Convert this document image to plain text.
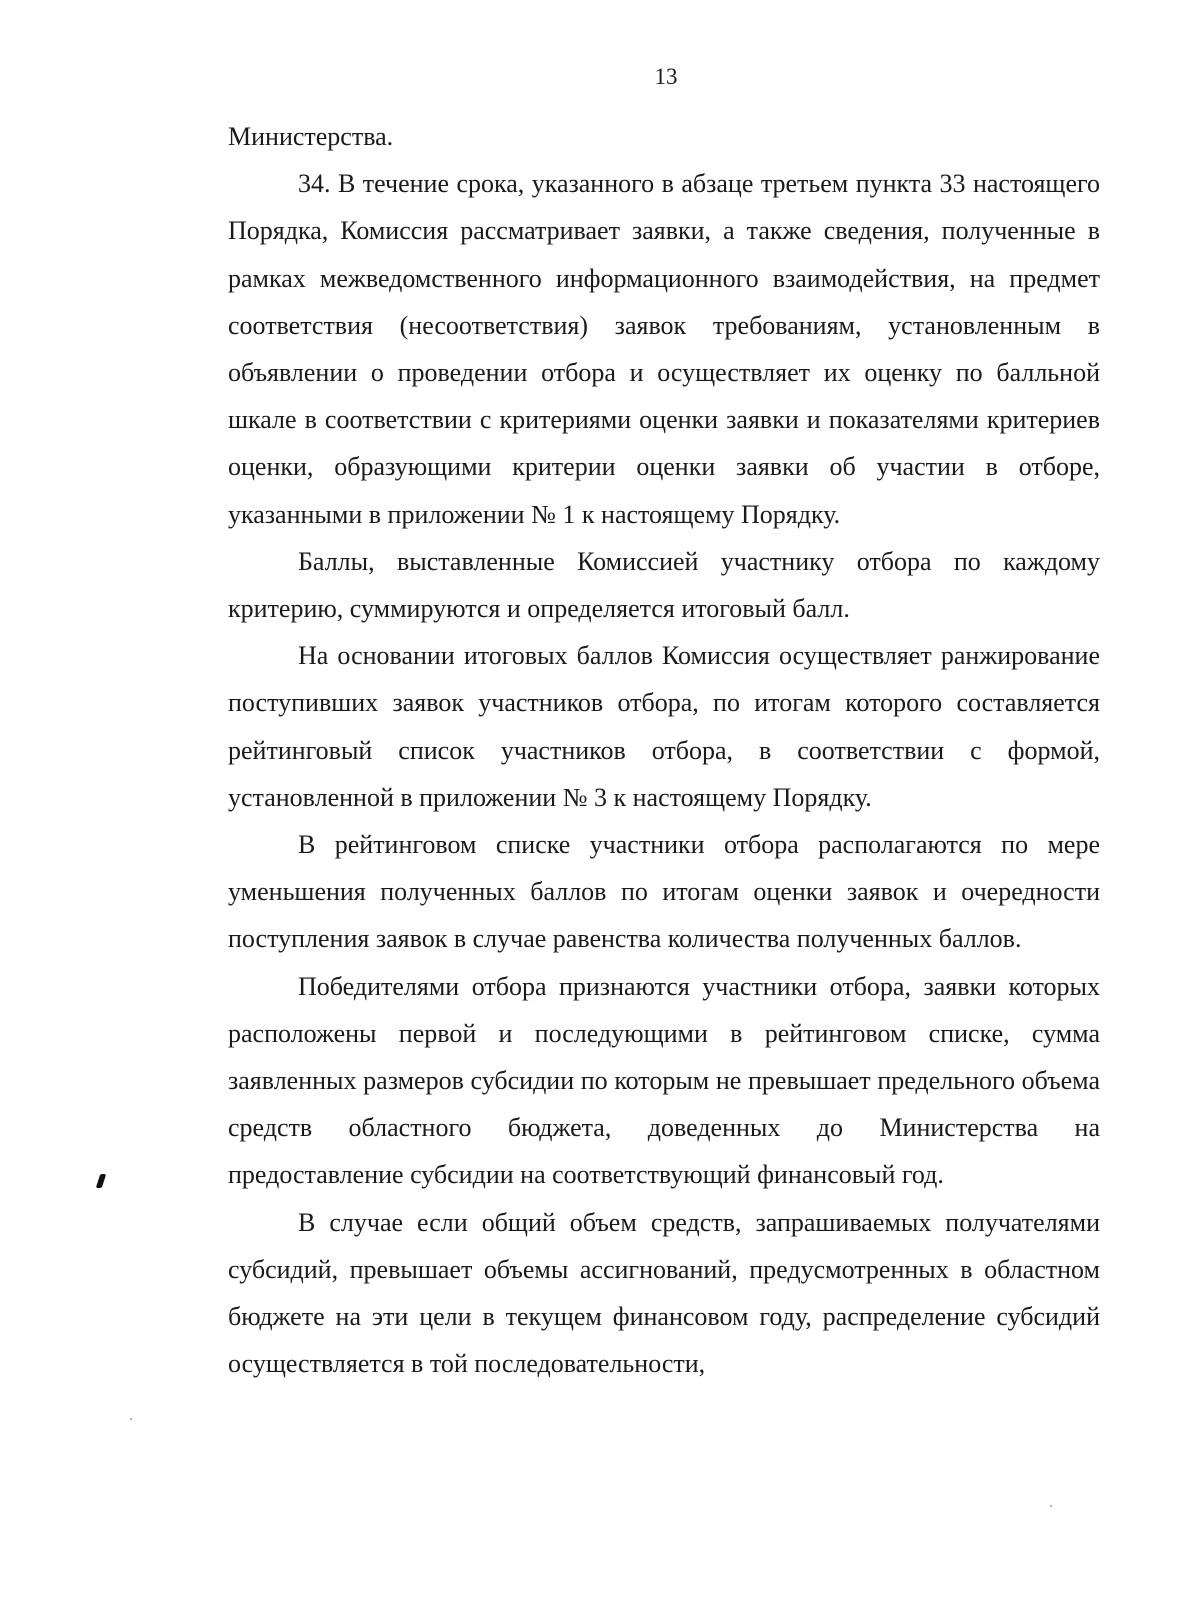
13

Министерства.

34. В течение срока, указанного в абзаце третьем пункта 33 настоящего Порядка, Комиссия рассматривает заявки, а также сведения, полученные в рамках межведомственного информационного взаимодействия, на предмет соответствия (несоответствия) заявок требованиям, установленным в объявлении о проведении отбора и осуществляет их оценку по балльной шкале в соответствии с критериями оценки заявки и показателями критериев оценки, образующими критерии оценки заявки об участии в отборе, указанными в приложении № 1 к настоящему Порядку.

Баллы, выставленные Комиссией участнику отбора по каждому критерию, суммируются и определяется итоговый балл.

На основании итоговых баллов Комиссия осуществляет ранжирование поступивших заявок участников отбора, по итогам которого составляется рейтинговый список участников отбора, в соответствии с формой, установленной в приложении № 3 к настоящему Порядку.

В рейтинговом списке участники отбора располагаются по мере уменьшения полученных баллов по итогам оценки заявок и очередности поступления заявок в случае равенства количества полученных баллов.

Победителями отбора признаются участники отбора, заявки которых расположены первой и последующими в рейтинговом списке, сумма заявленных размеров субсидии по которым не превышает предельного объема средств областного бюджета, доведенных до Министерства на предоставление субсидии на соответствующий финансовый год.

В случае если общий объем средств, запрашиваемых получателями субсидий, превышает объемы ассигнований, предусмотренных в областном бюджете на эти цели в текущем финансовом году, распределение субсидий осуществляется в той последовательности,
